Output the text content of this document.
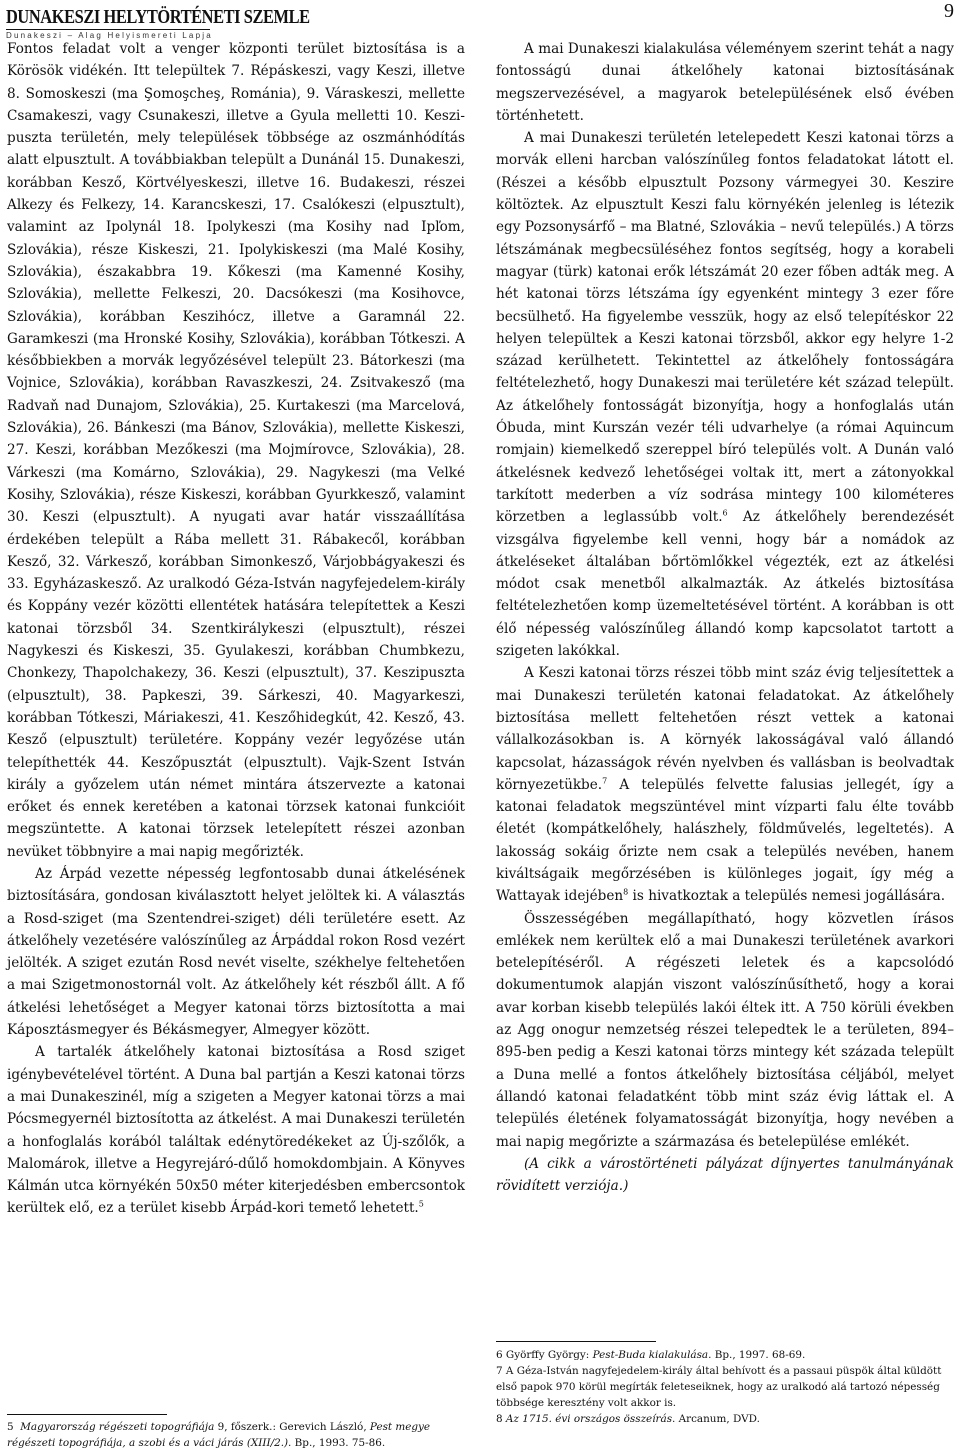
DUNAKESZI HELYTÖRTÉNETI SZEMLE
Dunakeszi – Alag Helyismereti Lapja
9

Fontos feladat volt a venger központi terület biztosítása is a Körösök vidékén. Itt települtek 7. Répáskeszi, vagy Keszi, illetve 8. Somoskeszi (ma Şomoşcheş, Románia), 9. Váraskeszi, mellette Csamakeszi, vagy Csunakeszi, illetve a Gyula melletti 10. Keszi-puszta területén, mely települések többsége az oszmánhódítás alatt elpusztult. A továbbiakban települt a Dunánál 15. Dunakeszi, korábban Kesző, Körtvélyeskeszi, illetve 16. Budakeszi, részei Alkezy és Felkezy, 14. Karancskeszi, 17. Csalókeszi (elpusztult), valamint az Ipolynál 18. Ipolykeszi (ma Kosihy nad Ipľom, Szlovákia), része Kiskeszi, 21. Ipolykiskeszi (ma Malé Kosihy, Szlovákia), északabbra 19. Kőkeszi (ma Kamenné Kosihy, Szlovákia), mellette Felkeszi, 20. Dacsókeszi (ma Kosihovce, Szlovákia), korábban Keszihócz, illetve a Garamnál 22. Garamkeszi (ma Hronské Kosihy, Szlovákia), korábban Tótkeszi. A későbbiekben a morvák legyőzésével települt 23. Bátorkeszi (ma Vojnice, Szlovákia), korábban Ravaszkeszi, 24. Zsitvakesző (ma Radvaň nad Dunajom, Szlovákia), 25. Kurtakeszi (ma Marcelová, Szlovákia), 26. Bánkeszi (ma Bánov, Szlovákia), mellette Kiskeszi, 27. Keszi, korábban Mezőkeszi (ma Mojmírovce, Szlovákia), 28. Várkeszi (ma Komárno, Szlovákia), 29. Nagykeszi (ma Velké Kosihy, Szlovákia), része Kiskeszi, korábban Gyurkkesző, valamint 30. Keszi (elpusztult). A nyugati avar határ visszaállítása érdekében települt a Rába mellett 31. Rábakecől, korábban Kesző, 32. Várkesző, korábban Simonkesző, Várjobbágyakeszi és 33. Egyházaskesző. Az uralkodó Géza-István nagyfejedelem-király és Koppány vezér közötti ellentétek hatására telepítettek a Keszi katonai törzsből 34. Szentkirálykeszi (elpusztult), részei Nagykeszi és Kiskeszi, 35. Gyulakeszi, korábban Chumbkezu, Chonkezy, Thapolchakezy, 36. Keszi (elpusztult), 37. Keszipuszta (elpusztult), 38. Papkeszi, 39. Sárkeszi, 40. Magyarkeszi, korábban Tótkeszi, Máriakeszi, 41. Keszőhidegkút, 42. Kesző, 43. Kesző (elpusztult) területére. Koppány vezér legyőzése után telepíthették 44. Keszőpusztát (elpusztult). Vajk-Szent István király a győzelem után német mintára átszervezte a katonai erőket és ennek keretében a katonai törzsek katonai funkcióit megszüntette. A katonai törzsek letelepített részei azonban nevüket többnyire a mai napig megőrizték.

Az Árpád vezette népesség legfontosabb dunai átkelésének biztosítására, gondosan kiválasztott helyet jelöltek ki. A választás a Rosd-sziget (ma Szentendrei-sziget) déli területére esett. Az átkelőhely vezetésére valószínűleg az Árpáddal rokon Rosd vezért jelölték. A sziget ezután Rosd nevét viselte, székhelye feltehetően a mai Szigetmonostornál volt. Az átkelőhely két részből állt. A fő átkelési lehetőséget a Megyer katonai törzs biztosította a mai Káposztásmegyer és Békásmegyer, Almegyer között.

A tartalék átkelőhely katonai biztosítása a Rosd sziget igénybevételével történt. A Duna bal partján a Keszi katonai törzs a mai Dunakeszinél, míg a szigeten a Megyer katonai törzs a mai Pócsmegyernél biztosította az átkelést. A mai Dunakeszi területén a honfoglalás korából találtak edénytöredékeket az Új-szőlők, a Malomárok, illetve a Hegyrejáró-dűlő homokdombjain. A Könyves Kálmán utca környékén 50x50 méter kiterjedésben embercsontok kerültek elő, ez a terület kisebb Árpád-kori temető lehetett.$^5$

5 Magyarország régészeti topográfiája 9, főszerk.: Gerevich László, Pest megye régészeti topográfiája, a szobi és a váci járás (XIII/2.). Bp., 1993. 75-86.

A mai Dunakeszi kialakulása véleményem szerint tehát a nagy fontosságú dunai átkelőhely katonai biztosításának megszervezésével, a magyarok betelepülésének első évében történhetett.

A mai Dunakeszi területén letelepedett Keszi katonai törzs a morvák elleni harcban valószínűleg fontos feladatokat látott el. (Részei a később elpusztult Pozsony vármegyei 30. Keszire költöztek. Az elpusztult Keszi falu környékén jelenleg is létezik egy Pozsonysárfő – ma Blatné, Szlovákia – nevű település.) A törzs létszámának megbecsüléséhez fontos segítség, hogy a korabeli magyar (türk) katonai erők létszámát 20 ezer főben adták meg. A hét katonai törzs létszáma így egyenként mintegy 3 ezer főre becsülhető. Ha figyelembe vesszük, hogy az első telepítéskor 22 helyen települtek a Keszi katonai törzsből, akkor egy helyre 1-2 század kerülhetett. Tekintettel az átkelőhely fontosságára feltételezhető, hogy Dunakeszi mai területére két század települt. Az átkelőhely fontosságát bizonyítja, hogy a honfoglalás után Óbuda, mint Kurszán vezér téli udvarhelye (a római Aquincum romjain) kiemelkedő szereppel bíró település volt. A Dunán való átkelésnek kedvező lehetőségei voltak itt, mert a zátonyokkal tarkított mederben a víz sodrása mintegy 100 kilométeres körzetben a leglassúbb volt.$^6$ Az átkelőhely berendezését vizsgálva figyelembe kell venni, hogy bár a nomádok az átkeléseket általában bőrtömlőkkel végezték, ezt az átkelési módot csak menetből alkalmazták. Az átkelés biztosítása feltételezhetően komp üzemeltetésével történt. A korábban is ott élő népesség valószínűleg állandó komp kapcsolatot tartott a szigeten lakókkal.

A Keszi katonai törzs részei több mint száz évig teljesítettek a mai Dunakeszi területén katonai feladatokat. Az átkelőhely biztosítása mellett feltehetően részt vettek a katonai vállalkozásokban is. A környék lakosságával való állandó kapcsolat, házasságok révén nyelvben és vallásban is beolvadtak környezetükbe.$^7$ A település felvette falusias jellegét, így a katonai feladatok megszüntével mint vízparti falu élte tovább életét (kompátkelőhely, halászhely, földművelés, legeltetés). A lakosság sokáig őrizte nem csak a település nevében, hanem kiváltságaik megőrzésében is különleges jogait, így még a Wattayak idejében$^8$ is hivatkoztak a település nemesi jogállására.

Összességében megállapítható, hogy közvetlen írásos emlékek nem kerültek elő a mai Dunakeszi területének avarkori betelepítéséről. A régészeti leletek és a kapcsolódó dokumentumok alapján viszont valószínűsíthető, hogy a korai avar korban kisebb település lakói éltek itt. A 750 körüli években az Agg onogur nemzetség részei telepedtek le a területen, 894–895-ben pedig a Keszi katonai törzs mintegy két százada települt a Duna mellé a fontos átkelőhely biztosítása céljából, melyet állandó katonai feladatként több mint száz évig láttak el. A település életének folyamatosságát bizonyítja, hogy nevében a mai napig megőrizte a származása és betelepülése emlékét.

(A cikk a várostörténeti pályázat díjnyertes tanulmányának rövidített verziója.)

6 Györffy György: Pest-Buda kialakulása. Bp., 1997. 68-69.

7 A Géza-István nagyfejedelem-király által behívott és a passaui püspök által küldött első papok 970 körül megírták feleteseiknek, hogy az uralkodó alá tartozó népesség többsége keresztény volt akkor is.

8 Az 1715. évi országos összeírás. Arcanum, DVD.
